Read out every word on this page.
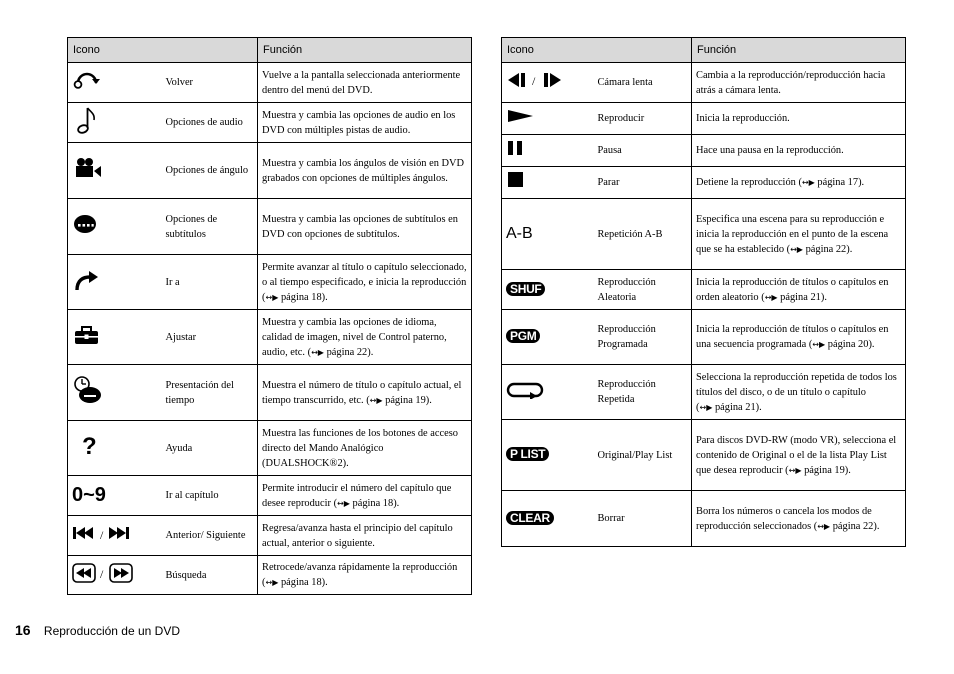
Icono		Función
	Volver	Vuelve a la pantalla seleccionada anteriormente dentro del menú del DVD.
	Opciones de audio	Muestra y cambia las opciones de audio en los DVD con múltiples pistas de audio.
	Opciones de ángulo	Muestra y cambia los ángulos de visión en DVD grabados con opciones de múltiples ángulos.
	Opciones de subtítulos	Muestra y cambia las opciones de subtítulos en DVD con opciones de subtítulos.
	Ir a	Permite avanzar al título o capítulo seleccionado, o al tiempo especificado, e inicia la reproducción (↔▶ página 18).
	Ajustar	Muestra y cambia las opciones de idioma, calidad de imagen, nivel de Control paterno, audio, etc. (↔▶ página 22).
	Presentación del tiempo	Muestra el número de título o capítulo actual, el tiempo transcurrido, etc. (↔▶ página 19).
?	Ayuda	Muestra las funciones de los botones de acceso directo del Mando Analógico (DUALSHOCK®2).
0~9	Ir al capítulo	Permite introducir el número del capítulo que desee reproducir (↔▶ página 18).

/	Anterior/ Siguiente	Regresa/avanza hasta el principio del capítulo actual, anterior o siguiente.

/	Búsqueda	Retrocede/avanza rápidamente la reproducción (↔▶ página 18).
Icono		Función

/	Cámara lenta	Cambia a la reproducción/reproducción hacia atrás a cámara lenta.
	Reproducir	Inicia la reproducción.
	Pausa	Hace una pausa en la reproducción.
	Parar	Detiene la reproducción (↔▶ página 17).
A-B	Repetición A-B	Especifica una escena para su reproducción e inicia la reproducción en el punto de la escena que se ha establecido (↔▶ página 22).
SHUF	Reproducción Aleatoria	Inicia la reproducción de títulos o capítulos en orden aleatorio (↔▶ página 21).
PGM	Reproducción Programada	Inicia la reproducción de títulos o capítulos en una secuencia programada (↔▶ página 20).
	Reproducción Repetida	Selecciona la reproducción repetida de todos los títulos del disco, o de un título o capítulo (↔▶ página 21).
P LIST	Original/Play List	Para discos DVD-RW (modo VR), selecciona el contenido de Original o el de la lista Play List que desea reproducir (↔▶ página 19).
CLEAR	Borrar	Borra los números o cancela los modos de reproducción seleccionados (↔▶ página 22).
16 Reproducción de un DVD
